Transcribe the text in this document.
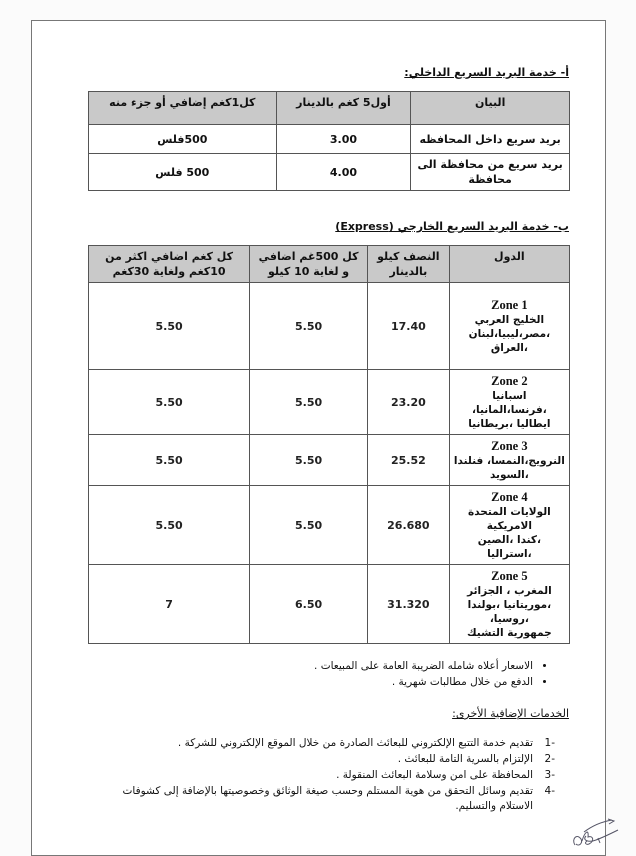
أ- خدمة البريد السريع الداخلي:
البيان	أول5 كغم بالدينار	كل1كغم إضافي أو جزء منه
بريد سريع داخل المحافظه	3.00	500فلس
بريد سريع من محافظة الى محافظة	4.00	500 فلس
ب- خدمة البريد السريع الخارجي (Express)
الدول	النصف كيلو بالدينار	كل 500غم اضافي و لغاية 10 كيلو	كل كغم اضافي اكثر من 10كغم ولغاية 30كغم

Zone 1
الخليج العربي
،مصر،ليبيا،لبنان ،العراق	17.40	5.50	5.50

Zone 2
اسبانيا ،فرنسا،المانيا،
ايطاليا ،بريطانيا	23.20	5.50	5.50

Zone 3
النرويج،النمسا، فنلندا
،السويد	25.52	5.50	5.50

Zone 4
الولايات المتحدة الامريكية
،كندا ،الصين ،استراليا	26.680	5.50	5.50

Zone 5
المغرب ، الجزائر
،موريتانيا ،بولندا ،روسيا،
جمهورية التشيك	31.320	6.50	7
• الاسعار أعلاه شامله الضريبة العامة على المبيعات .
• الدفع من خلال مطالبات شهرية .
الخدمات الإضافية الأخرى:
-1
تقديم خدمة التتبع الإلكتروني للبعائث الصادرة من خلال الموقع الإلكتروني للشركة .
-2
الإلتزام بالسرية التامة للبعائث .
-3
المحافظة على امن وسلامة البعائث المنقولة .
-4
تقديم وسائل التحقق من هوية المستلم وحسب صيغة الوثائق وخصوصيتها بالإضافة إلى كشوفات الاستلام والتسليم.
